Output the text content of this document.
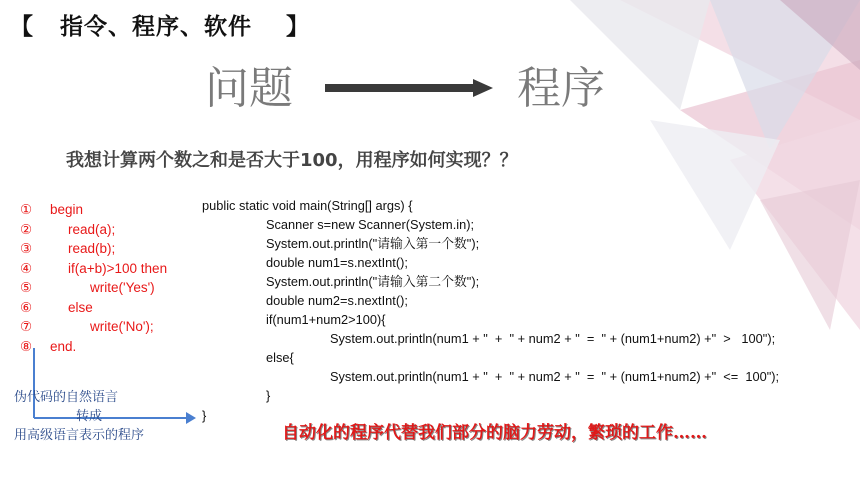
【 指令、程序、软件 】
问题	程序
我想计算两个数之和是否大于100，用程序如何实现？？
① begin
②	read(a);
③	read(b);
④	if(a+b)>100 then
⑤	write('Yes')
⑥	else
⑦	write('No');
⑧ end.
public static void main(String[] args) {
Scanner s=new Scanner(System.in);
System.out.println("请输入第一个数");
double num1=s.nextInt();
System.out.println("请输入第二个数");
double num2=s.nextInt();
if(num1+num2>100){
System.out.println(num1 + "  +  " + num2 + "  =  " + (num1+num2) +"  >   100");
else{
System.out.println(num1 + "  +  " + num2 + "  =  " + (num1+num2) +"  <=  100");
}
}
伪代码的自然语言
转成
用高级语言表示的程序	自动化的程序代替我们部分的脑力劳动，繁琐的工作……
